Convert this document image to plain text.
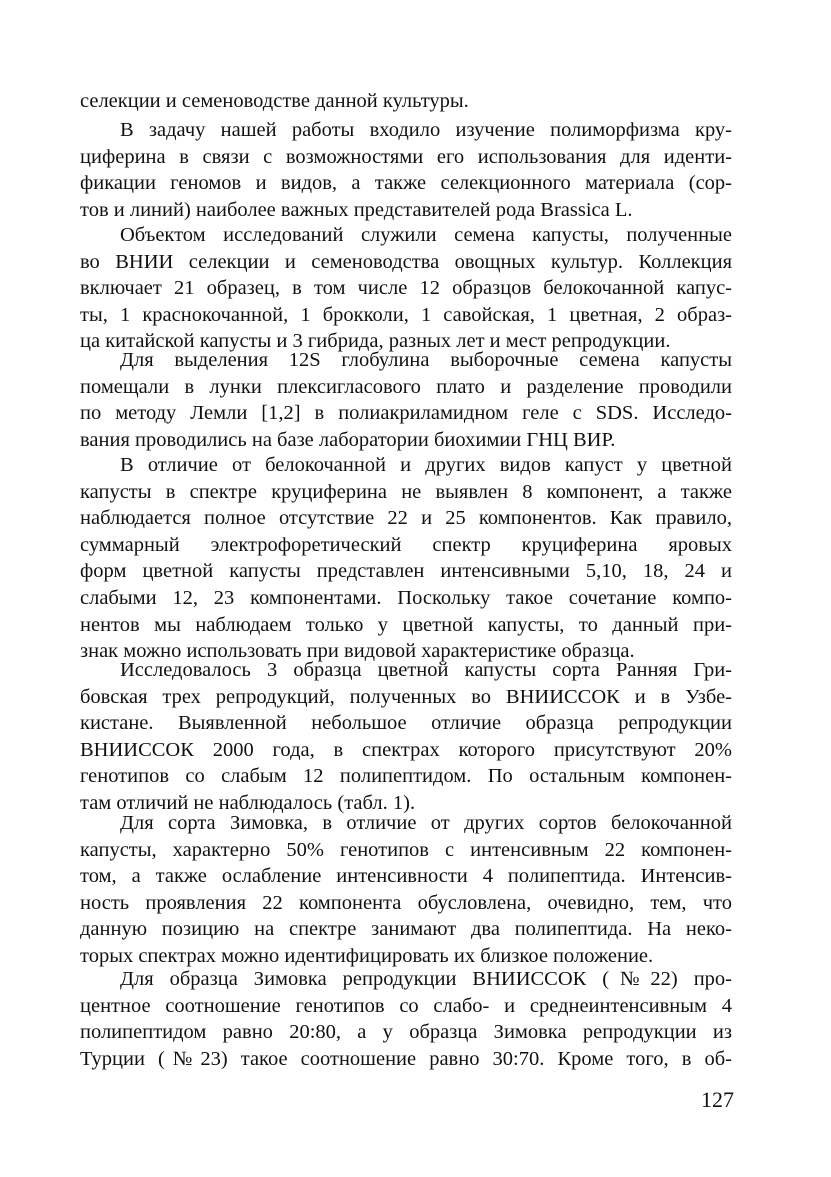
селекции и семеноводстве данной культуры.
В задачу нашей работы входило изучение полиморфизма кру-
циферина в связи с возможностями его использования для иденти-
фикации геномов и видов, а также селекционного материала (сор-
тов и линий) наиболее важных представителей рода Brassica L.
Объектом исследований служили семена капусты, полученные
во ВНИИ селекции и семеноводства овощных культур. Коллекция
включает 21 образец, в том числе 12 образцов белокочанной капус-
ты, 1 краснокочанной, 1 брокколи, 1 савойская, 1 цветная, 2 образ-
ца китайской капусты и 3 гибрида, разных лет и мест репродукции.
Для выделения 12S глобулина выборочные семена капусты
помещали в лунки плексигласового плато и разделение проводили
по методу Лемли [1,2] в полиакриламидном геле с SDS. Исследо-
вания проводились на базе лаборатории биохимии ГНЦ ВИР.
В отличие от белокочанной и других видов капуст у цветной
капусты в спектре круциферина не выявлен 8 компонент, а также
наблюдается полное отсутствие 22 и 25 компонентов. Как правило,
суммарный электрофоретический спектр круциферина яровых
форм цветной капусты представлен интенсивными 5,10, 18, 24 и
слабыми 12, 23 компонентами. Поскольку такое сочетание компо-
нентов мы наблюдаем только у цветной капусты, то данный при-
знак можно использовать при видовой характеристике образца.
Исследовалось 3 образца цветной капусты сорта Ранняя Гри-
бовская трех репродукций, полученных во ВНИИССОК и в Узбе-
кистане. Выявленной небольшое отличие образца репродукции
ВНИИССОК 2000 года, в спектрах которого присутствуют 20%
генотипов со слабым 12 полипептидом. По остальным компонен-
там отличий не наблюдалось (табл. 1).
Для сорта Зимовка, в отличие от других сортов белокочанной
капусты, характерно 50% генотипов с интенсивным 22 компонен-
том, а также ослабление интенсивности 4 полипептида. Интенсив-
ность проявления 22 компонента обусловлена, очевидно, тем, что
данную позицию на спектре занимают два полипептида. На неко-
торых спектрах можно идентифицировать их близкое положение.
Для образца Зимовка репродукции ВНИИССОК (№22) про-
центное соотношение генотипов со слабо- и среднеинтенсивным 4
полипептидом равно 20:80, а у образца Зимовка репродукции из
Турции (№23) такое соотношение равно 30:70. Кроме того, в об-
127
